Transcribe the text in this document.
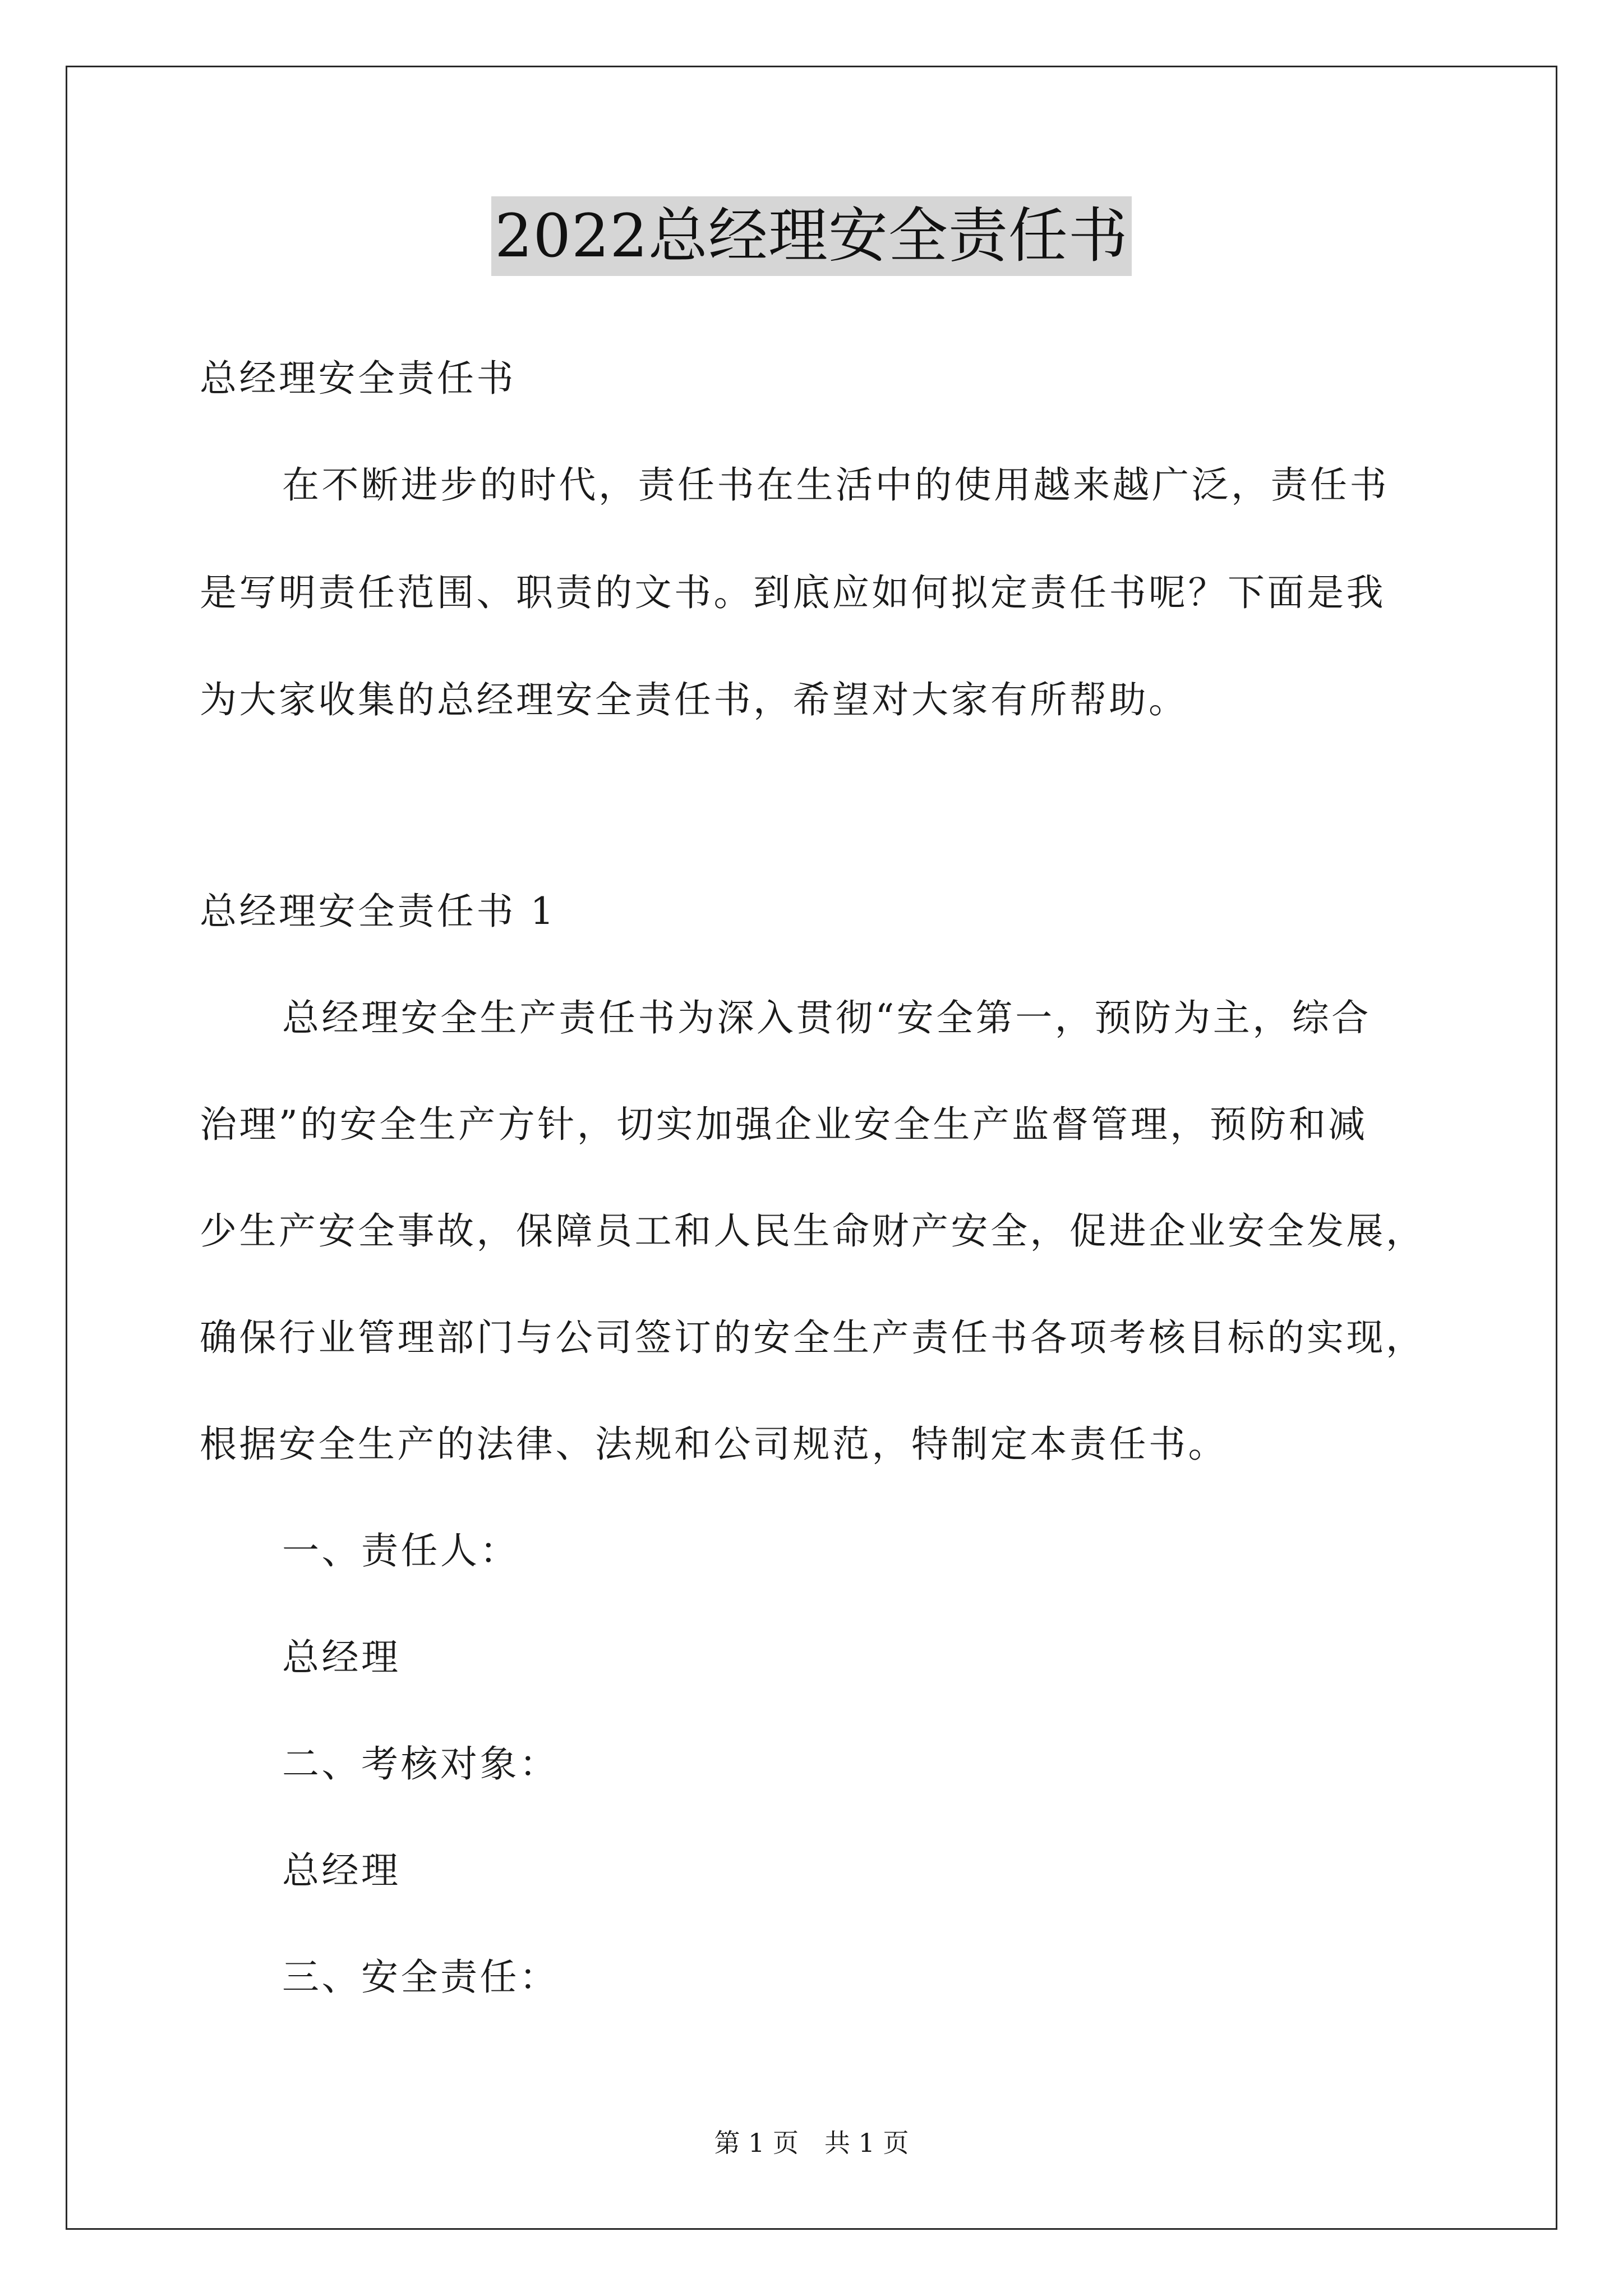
2022总经理安全责任书
总经理安全责任书
在不断进步的时代，责任书在生活中的使用越来越广泛，责任书
是写明责任范围、职责的文书。到底应如何拟定责任书呢？下面是我
为大家收集的总经理安全责任书，希望对大家有所帮助。
总经理安全责任书 1
总经理安全生产责任书为深入贯彻“安全第一，预防为主，综合
治理”的安全生产方针，切实加强企业安全生产监督管理，预防和减
少生产安全事故，保障员工和人民生命财产安全，促进企业安全发展，
确保行业管理部门与公司签订的安全生产责任书各项考核目标的实现，
根据安全生产的法律、法规和公司规范，特制定本责任书。
一、责任人：
总经理
二、考核对象：
总经理
三、安全责任：
第 1 页　共 1 页
